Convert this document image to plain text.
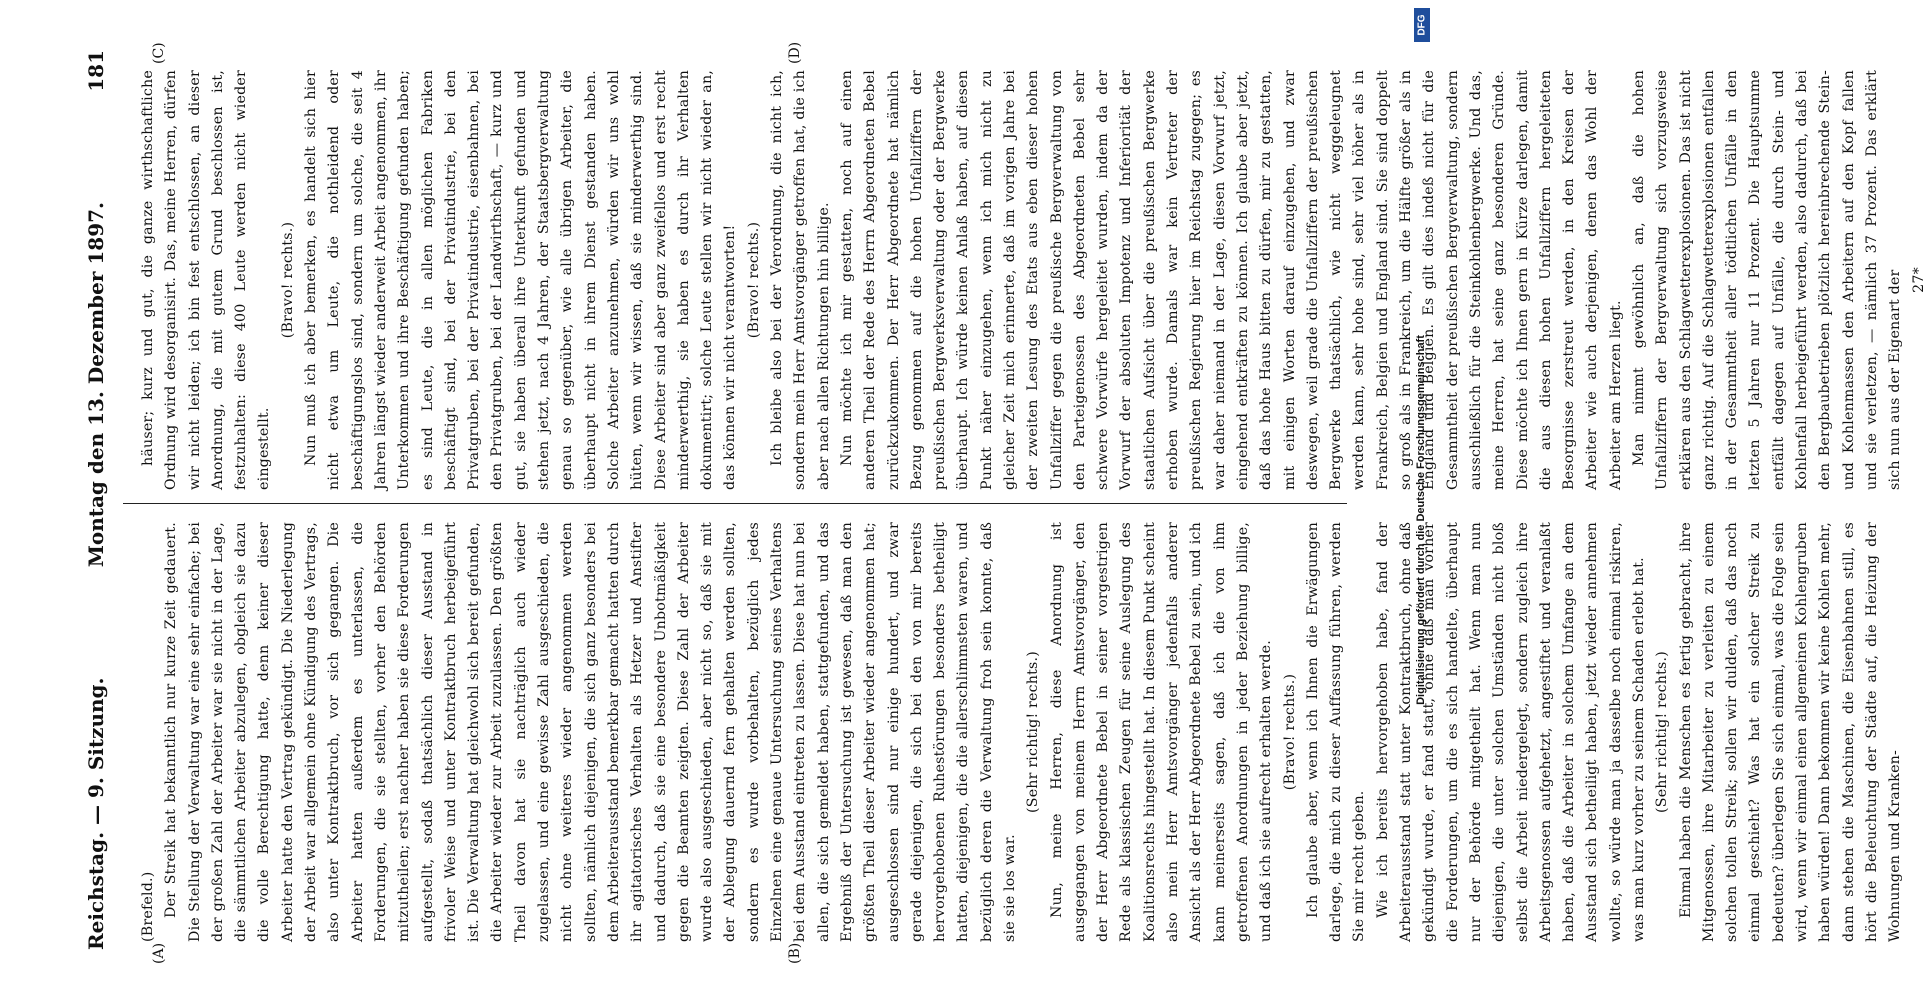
Reichstag. — 9. Sitzung.
Montag den 13. Dezember 1897.
181
(A)	(B)
(C)	(D)

(Brefeld.) Der Streik hat bekanntlich nur kurze Zeit gedauert. Die Stellung der Verwaltung war eine sehr einfache; bei der großen Zahl der Arbeiter war sie nicht in der Lage, die sämmtlichen Arbeiter abzulegen, obgleich sie dazu die volle Berechtigung hatte, denn keiner dieser Arbeiter hatte den Vertrag gekündigt. Die Niederlegung der Arbeit war allgemein ohne Kündigung des Vertrags, also unter Kontraktbruch, vor sich gegangen. Die Arbeiter hatten außerdem es unterlassen, die Forderungen, die sie stellten, vorher den Behörden mitzutheilen; erst nachher haben sie diese Forderungen aufgestellt, sodaß thatsächlich dieser Ausstand in frivoler Weise und unter Kontraktbruch herbeigeführt ist. Die Verwaltung hat gleichwohl sich bereit gefunden, die Arbeiter wieder zur Arbeit zuzulassen. Den größten Theil davon hat sie nachträglich auch wieder zugelassen, und eine gewisse Zahl ausgeschieden, die nicht ohne weiteres wieder angenommen werden sollten, nämlich diejenigen, die sich ganz besonders bei dem Arbeiterausstand bemerkbar gemacht hatten durch ihr agitatorisches Verhalten als Hetzer und Anstifter und dadurch, daß sie eine besondere Unbotmäßigkeit gegen die Beamten zeigten. Diese Zahl der Arbeiter wurde also ausgeschieden, aber nicht so, daß sie mit der Ablegung dauernd fern gehalten werden sollten, sondern es wurde vorbehalten, bezüglich jedes Einzelnen eine genaue Untersuchung seines Verhaltens bei dem Ausstand eintreten zu lassen. Diese hat nun bei allen, die sich gemeldet haben, stattgefunden, und das Ergebniß der Untersuchung ist gewesen, daß man den größten Theil dieser Arbeiter wieder angenommen hat; ausgeschlossen sind nur einige hundert, und zwar gerade diejenigen, die sich bei den von mir bereits hervorgehobenen Ruhestörungen besonders betheiligt hatten, diejenigen, die die allerschlimmsten waren, und bezüglich deren die Verwaltung froh sein konnte, daß sie sie los war.

(Sehr richtig! rechts.) Nun, meine Herren, diese Anordnung ist ausgegangen von meinem Herrn Amtsvorgänger, den der Herr Abgeordnete Bebel in seiner vorgestrigen Rede als klassischen Zeugen für seine Auslegung des Koalitionsrechts hingestellt hat. In diesem Punkt scheint also mein Herr Amtsvorgänger jedenfalls anderer Ansicht als der Herr Abgeordnete Bebel zu sein, und ich kann meinerseits sagen, daß ich die von ihm getroffenen Anordnungen in jeder Beziehung billige, und daß ich sie aufrecht erhalten werde. (Bravo! rechts.) Ich glaube aber, wenn ich Ihnen die Erwägungen darlege, die mich zu dieser Auffassung führen, werden Sie mir recht geben. Wie ich bereits hervorgehoben habe, fand der Arbeiterausstand statt unter Kontraktbruch, ohne daß gekündigt wurde, er fand statt, ohne daß man vorher die Forderungen, um die es sich handelte, überhaupt nur der Behörde mitgetheilt hat. Wenn man nun diejenigen, die unter solchen Umständen nicht bloß selbst die Arbeit niedergelegt, sondern zugleich ihre Arbeitsgenossen aufgehetzt, angestiftet und veranlaßt haben, daß die Arbeiter in solchem Umfange an dem Ausstand sich betheiligt haben, jetzt wieder annehmen wollte, so würde man ja dasselbe noch einmal riskiren, was man kurz vorher zu seinem Schaden erlebt hat. (Sehr richtig! rechts.) Einmal haben die Menschen es fertig gebracht, ihre Mitgenossen, ihre Mitarbeiter zu verleiten zu einem solchen tollen Streik; sollen wir dulden, daß das noch einmal geschieht? Was hat ein solcher Streik zu bedeuten? überlegen Sie sich einmal, was die Folge sein wird, wenn wir einmal einen allgemeinen Kohlengruben haben würden! Dann bekommen wir keine Kohlen mehr, dann stehen die Maschinen, die Eisenbahnen still, es hört die Beleuchtung der Städte auf, die Heizung der Wohnungen und Kranken-

häuser; kurz und gut, die ganze wirthschaftliche Ordnung wird desorganisirt. Das, meine Herren, dürfen wir nicht leiden; ich bin fest entschlossen, an dieser Anordnung, die mit gutem Grund beschlossen ist, festzuhalten: diese 400 Leute werden nicht wieder eingestellt.

(Bravo! rechts.) Nun muß ich aber bemerken, es handelt sich hier nicht etwa um Leute, die nothleidend oder beschäftigungslos sind, sondern um solche, die seit 4 Jahren längst wieder anderweit Arbeit angenommen, ihr Unterkommen und ihre Beschäftigung gefunden haben; es sind Leute, die in allen möglichen Fabriken beschäftigt sind, bei der Privatindustrie, bei den Privatgruben, bei der Privatindustrie, eisenbahnen, bei den Privatgruben, bei der Landwirthschaft, — kurz und gut, sie haben überall ihre Unterkunft gefunden und stehen jetzt, nach 4 Jahren, der Staatsbergverwaltung genau so gegenüber, wie alle übrigen Arbeiter, die überhaupt nicht in ihrem Dienst gestanden haben. Solche Arbeiter anzunehmen, würden wir uns wohl hüten, wenn wir wissen, daß sie minderwerthig sind. Diese Arbeiter sind aber ganz zweifellos und erst recht minderwerthig, sie haben es durch ihr Verhalten dokumentirt; solche Leute stellen wir nicht wieder an, das können wir nicht verantworten! (Bravo! rechts.) Ich bleibe also bei der Verordnung, die nicht ich, sondern mein Herr Amtsvorgänger getroffen hat, die ich aber nach allen Richtungen hin billige. Nun möchte ich mir gestatten, noch auf einen anderen Theil der Rede des Herrn Abgeordneten Bebel zurückzukommen. Der Herr Abgeordnete hat nämlich Bezug genommen auf die hohen Unfallziffern der preußischen Bergwerksverwaltung oder der Bergwerke überhaupt. Ich würde keinen Anlaß haben, auf diesen Punkt näher einzugehen, wenn ich mich nicht zu gleicher Zeit mich erinnerte, daß im vorigen Jahre bei der zweiten Lesung des Etats aus eben dieser hohen Unfallziffer gegen die preußische Bergverwaltung von den Parteigenossen des Abgeordneten Bebel sehr schwere Vorwürfe hergeleitet wurden, indem da der Vorwurf der absoluten Impotenz und Inferiorität der staatlichen Aufsicht über die preußischen Bergwerke erhoben wurde. Damals war kein Vertreter der preußischen Regierung hier im Reichstag zugegen; es war daher niemand in der Lage, diesen Vorwurf jetzt, eingehend entkräften zu können. Ich glaube aber jetzt, daß das hohe Haus bitten zu dürfen, mir zu gestatten, mit einigen Worten darauf einzugehen, und zwar deswegen, weil grade die Unfallziffern der preußischen Bergwerke thatsächlich, wie nicht weggeleugnet werden kann, sehr hohe sind, sehr viel höher als in Frankreich, Belgien und England sind. Sie sind doppelt so groß als in Frankreich, um die Hälfte größer als in England und Belgien. Es gilt dies indeß nicht für die Gesammtheit der preußischen Bergverwaltung, sondern ausschließlich für die Steinkohlenbergwerke. Und das, meine Herren, hat seine ganz besonderen Gründe. Diese möchte ich Ihnen gern in Kürze darlegen, damit die aus diesen hohen Unfallziffern hergeleiteten Besorgnisse zerstreut werden, in den Kreisen der Arbeiter wie auch derjenigen, denen das Wohl der Arbeiter am Herzen liegt. Man nimmt gewöhnlich an, daß die hohen Unfallziffern der Bergverwaltung sich vorzugsweise erklären aus den Schlagwetterexplosionen. Das ist nicht ganz richtig. Auf die Schlagwetterexplosionen entfallen in der Gesammtheit aller tödtlichen Unfälle in den letzten 5 Jahren nur 11 Prozent. Die Hauptsumme entfällt dagegen auf Unfälle, die durch Stein- und Kohlenfall herbeigeführt werden, also dadurch, daß bei den Bergbaubetrieben plötzlich hereinbrechende Stein- und Kohlenmassen den Arbeitern auf den Kopf fallen und sie verletzen, — nämlich 37 Prozent. Das erklärt sich nun aus der Eigenart der 27*

DFG
Digitalisierung gefördert durch die Deutsche Forschungsgemeinschaft
